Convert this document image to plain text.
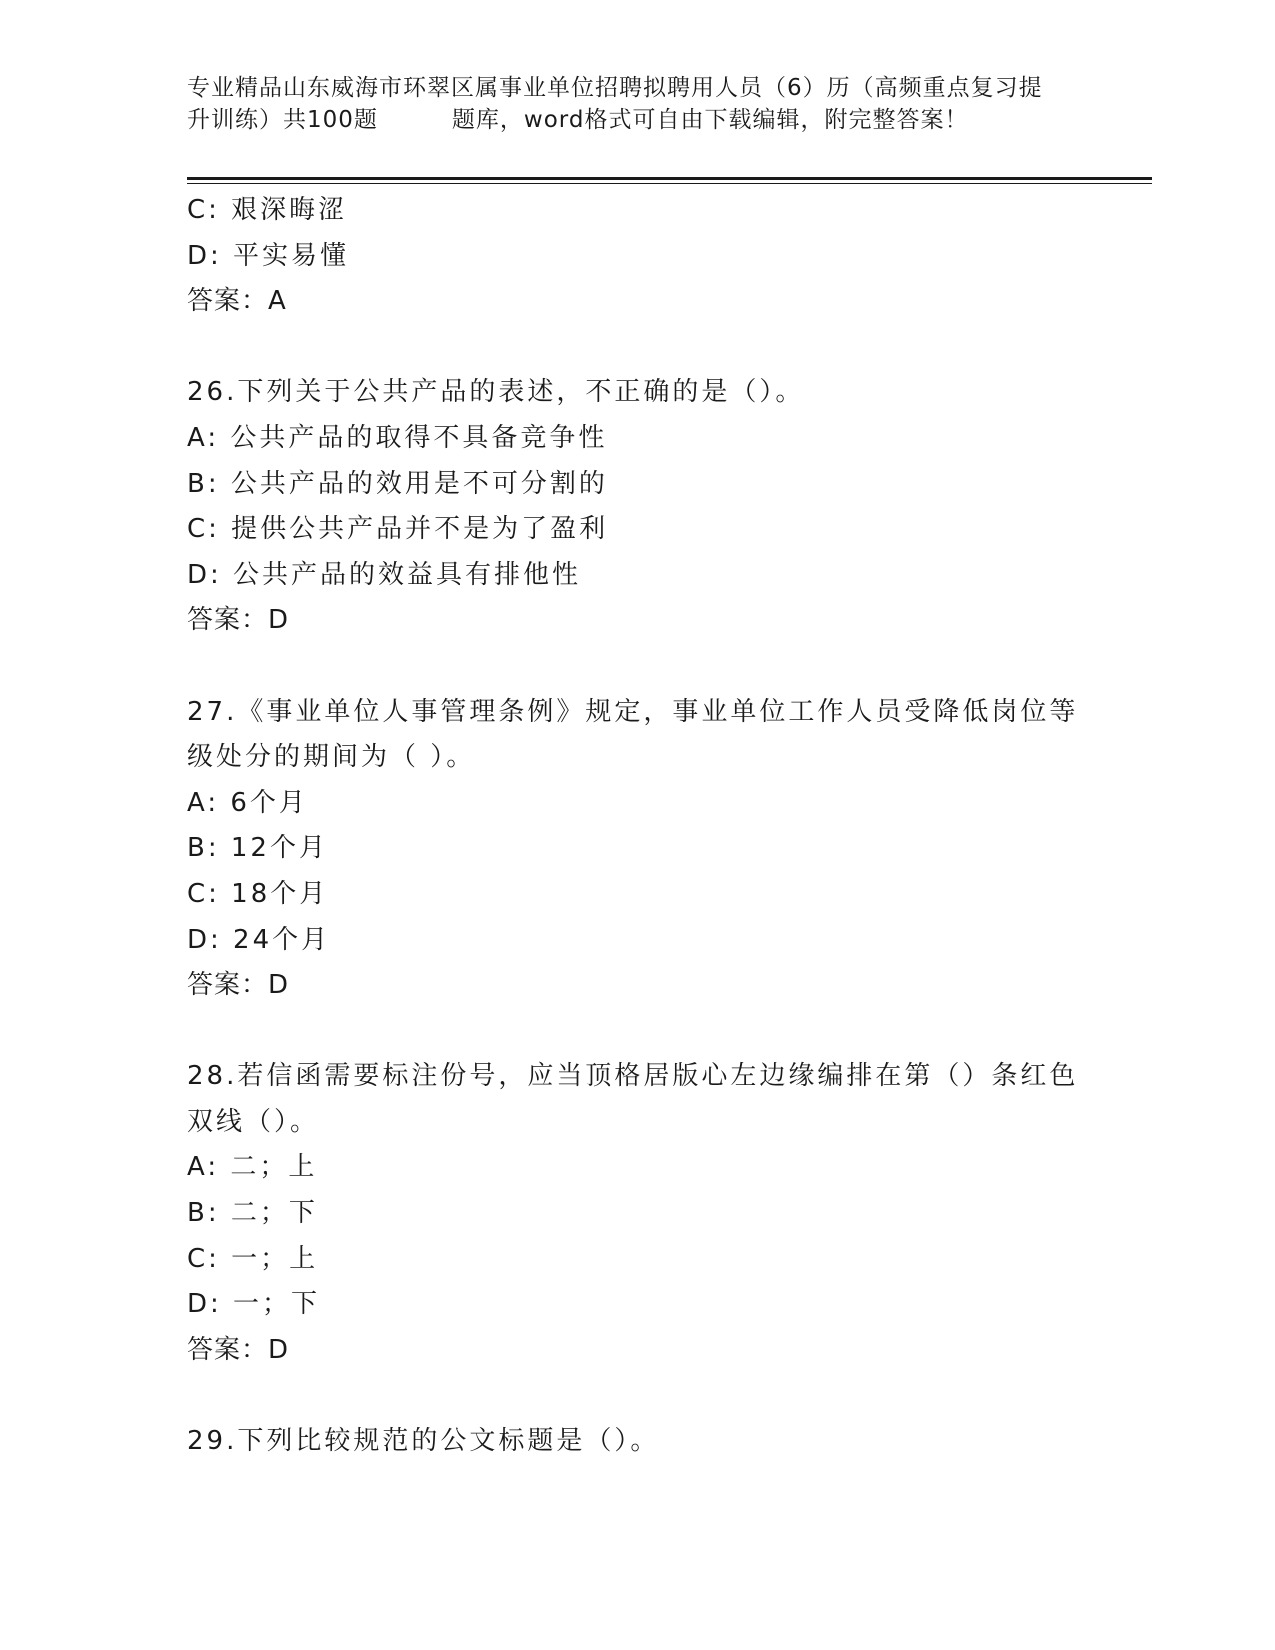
专业精品山东威海市环翠区属事业单位招聘拟聘用人员（6）历（高频重点复习提
升训练）共100题	题库，word格式可自由下载编辑，附完整答案！
C: 艰深晦涩
D: 平实易懂
答案：A
26.下列关于公共产品的表述，不正确的是（）。
A: 公共产品的取得不具备竞争性
B: 公共产品的效用是不可分割的
C: 提供公共产品并不是为了盈利
D: 公共产品的效益具有排他性
答案：D
27.《事业单位人事管理条例》规定，事业单位工作人员受降低岗位等
级处分的期间为（ ）。
A: 6个月
B: 12个月
C: 18个月
D: 24个月
答案：D
28.若信函需要标注份号，应当顶格居版心左边缘编排在第（）条红色
双线（）。
A: 二；上
B: 二；下
C: 一；上
D: 一；下
答案：D
29.下列比较规范的公文标题是（）。
